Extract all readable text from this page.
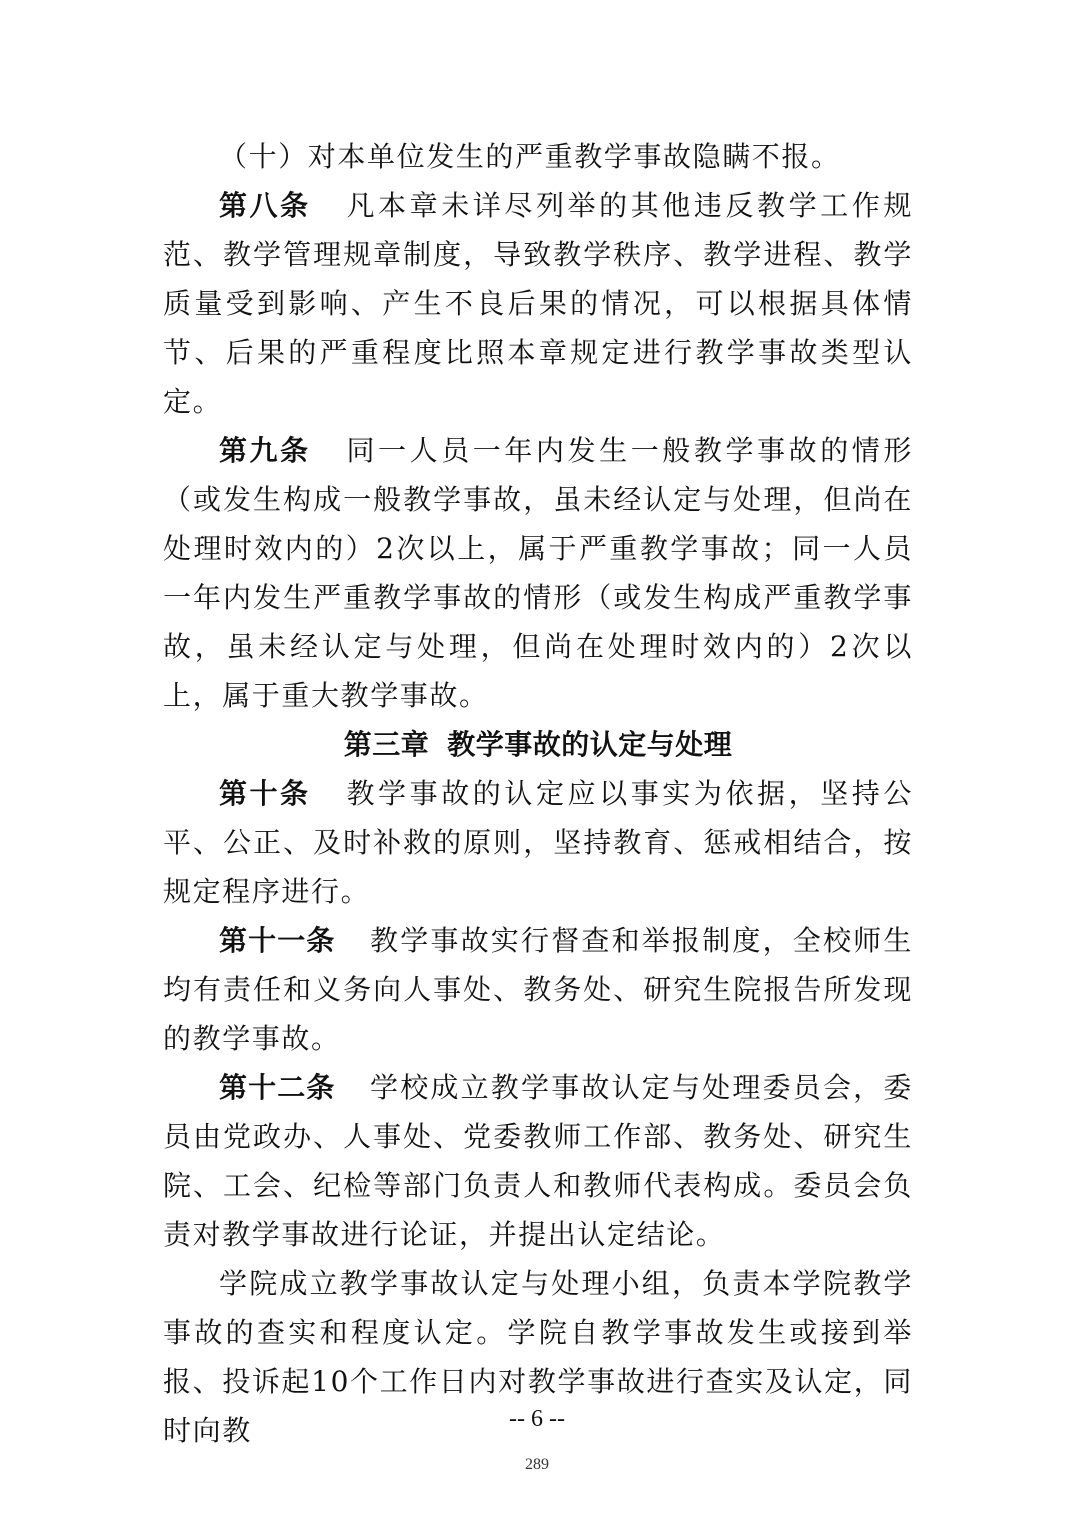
（十）对本单位发生的严重教学事故隐瞒不报。

第八条 凡本章未详尽列举的其他违反教学工作规范、教学管理规章制度，导致教学秩序、教学进程、教学质量受到影响、产生不良后果的情况，可以根据具体情节、后果的严重程度比照本章规定进行教学事故类型认定。

第九条 同一人员一年内发生一般教学事故的情形（或发生构成一般教学事故，虽未经认定与处理，但尚在处理时效内的）2次以上，属于严重教学事故；同一人员一年内发生严重教学事故的情形（或发生构成严重教学事故，虽未经认定与处理，但尚在处理时效内的）2次以上，属于重大教学事故。

第三章 教学事故的认定与处理

第十条 教学事故的认定应以事实为依据，坚持公平、公正、及时补救的原则，坚持教育、惩戒相结合，按规定程序进行。

第十一条 教学事故实行督查和举报制度，全校师生均有责任和义务向人事处、教务处、研究生院报告所发现的教学事故。

第十二条 学校成立教学事故认定与处理委员会，委员由党政办、人事处、党委教师工作部、教务处、研究生院、工会、纪检等部门负责人和教师代表构成。委员会负责对教学事故进行论证，并提出认定结论。

学院成立教学事故认定与处理小组，负责本学院教学事故的查实和程度认定。学院自教学事故发生或接到举报、投诉起10个工作日内对教学事故进行查实及认定，同时向教	-- 6 --
289
